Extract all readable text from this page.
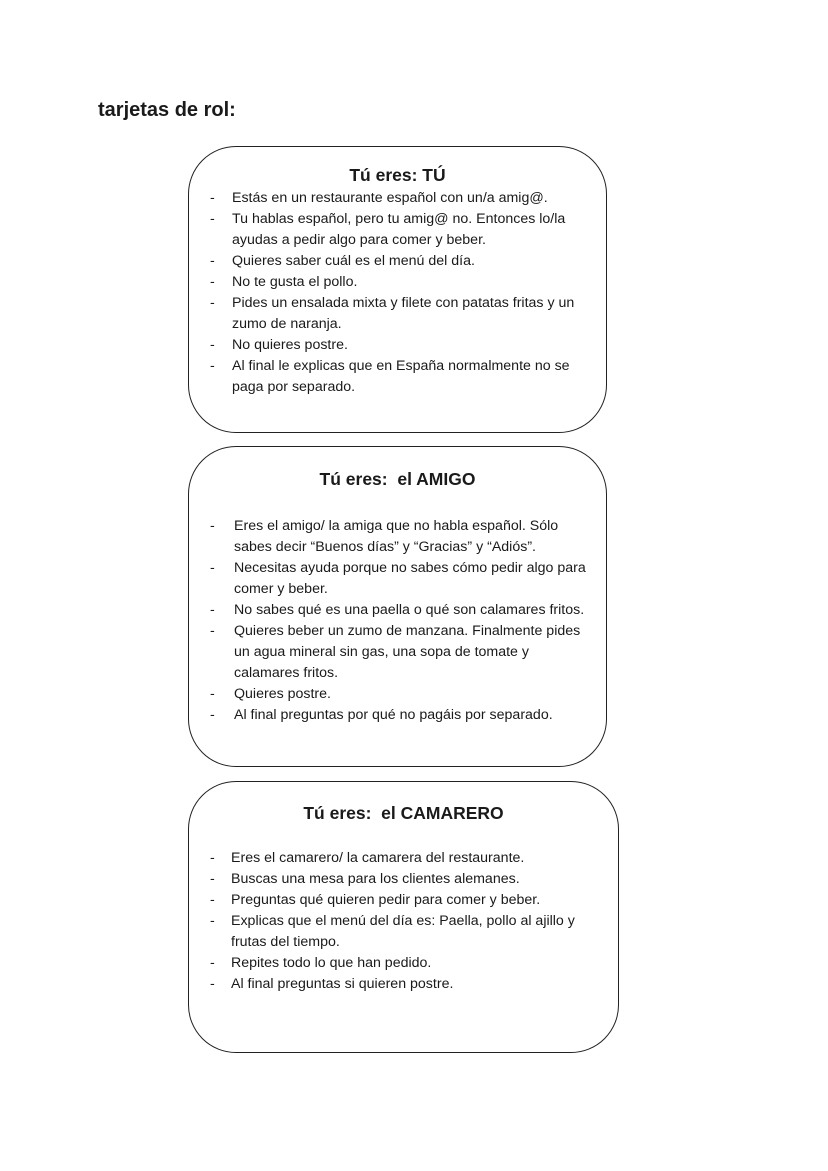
tarjetas de rol:
Tú eres: TÚ
- Estás en un restaurante español con un/a amig@.
- Tu hablas español, pero tu amig@ no. Entonces lo/la ayudas a pedir algo para comer y beber.
- Quieres saber cuál es el menú del día.
- No te gusta el pollo.
- Pides un ensalada mixta y filete con patatas fritas y un zumo de naranja.
- No quieres postre.
- Al final le explicas que en España normalmente no se paga por separado.
Tú eres:  el AMIGO
- Eres el amigo/ la amiga que no habla español. Sólo sabes decir “Buenos días” y “Gracias” y “Adiós”.
- Necesitas ayuda porque no sabes cómo pedir algo para comer y beber.
- No sabes qué es una paella o qué son calamares fritos.
- Quieres beber un zumo de manzana. Finalmente pides un agua mineral sin gas, una sopa de tomate y calamares fritos.
- Quieres postre.
- Al final preguntas por qué no pagáis por separado.
Tú eres:  el CAMARERO
- Eres el camarero/ la camarera del restaurante.
- Buscas una mesa para los clientes alemanes.
- Preguntas qué quieren pedir para comer y beber.
- Explicas que el menú del día es: Paella, pollo al ajillo y frutas del tiempo.
- Repites todo lo que han pedido.
- Al final preguntas si quieren postre.
